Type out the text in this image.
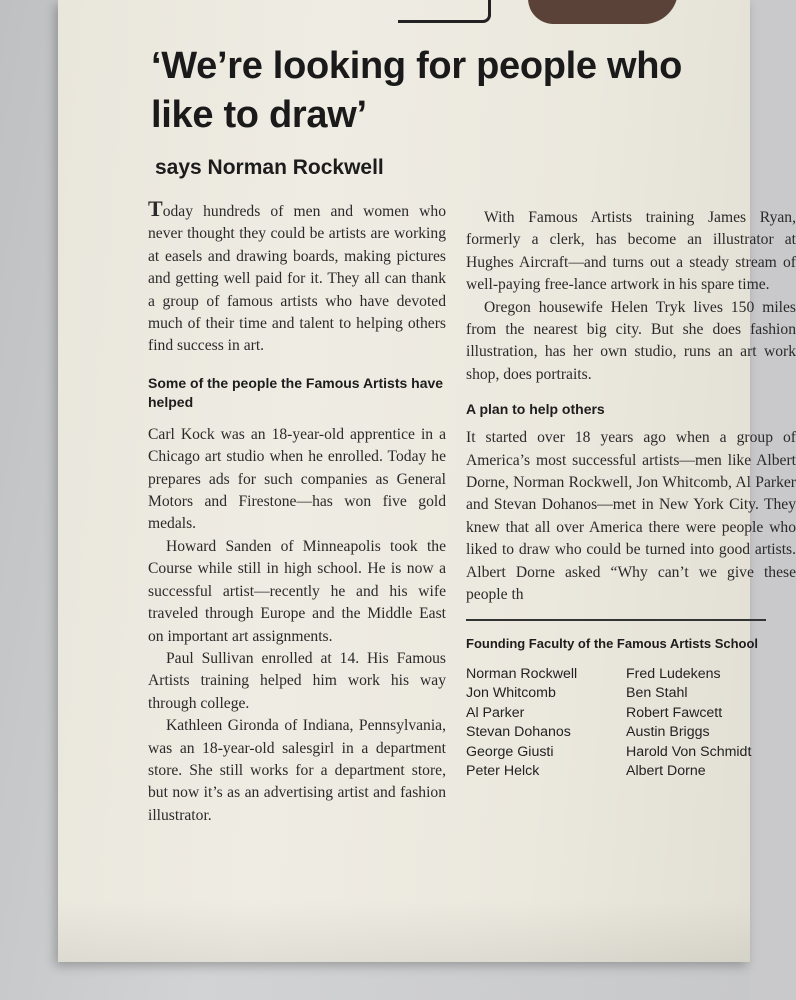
‘We’re looking for people who like to draw’
says Norman Rockwell

Today hundreds of men and women who never thought they could be artists are working at easels and drawing boards, making pictures and getting well paid for it. They all can thank a group of famous artists who have devoted much of their time and talent to helping others find success in art.

Some of the people the Famous Artists have helped

Carl Kock was an 18-year-old apprentice in a Chicago art studio when he enrolled. Today he prepares ads for such companies as General Motors and Firestone—has won five gold medals.

Howard Sanden of Minneapolis took the Course while still in high school. He is now a successful artist—recently he and his wife traveled through Europe and the Middle East on important art assignments.

Paul Sullivan enrolled at 14. His Famous Artists training helped him work his way through college.

Kathleen Gironda of Indiana, Pennsylvania, was an 18-year-old salesgirl in a department store. She still works for a department store, but now it’s as an advertising artist and fashion illustrator.

With Famous Artists training James Ryan, formerly a clerk, has become an illustrator at Hughes Aircraft—and turns out a steady stream of well-paying free-lance artwork in his spare time.

Oregon housewife Helen Tryk lives 150 miles from the nearest big city. But she does fashion illustration, has her own studio, runs an art work shop, does portraits.

A plan to help others

It started over 18 years ago when a group of America’s most successful artists—men like Albert Dorne, Norman Rockwell, Jon Whitcomb, Al Parker and Stevan Dohanos—met in New York City. They knew that all over America there were people who liked to draw who could be turned into good artists. Albert Dorne asked “Why can’t we give these people th

Founding Faculty of the Famous Artists School
Norman Rockwell	Fred Ludekens
Jon Whitcomb	Ben Stahl
Al Parker	Robert Fawcett
Stevan Dohanos	Austin Briggs
George Giusti	Harold Von Schmidt
Peter Helck	Albert Dorne
